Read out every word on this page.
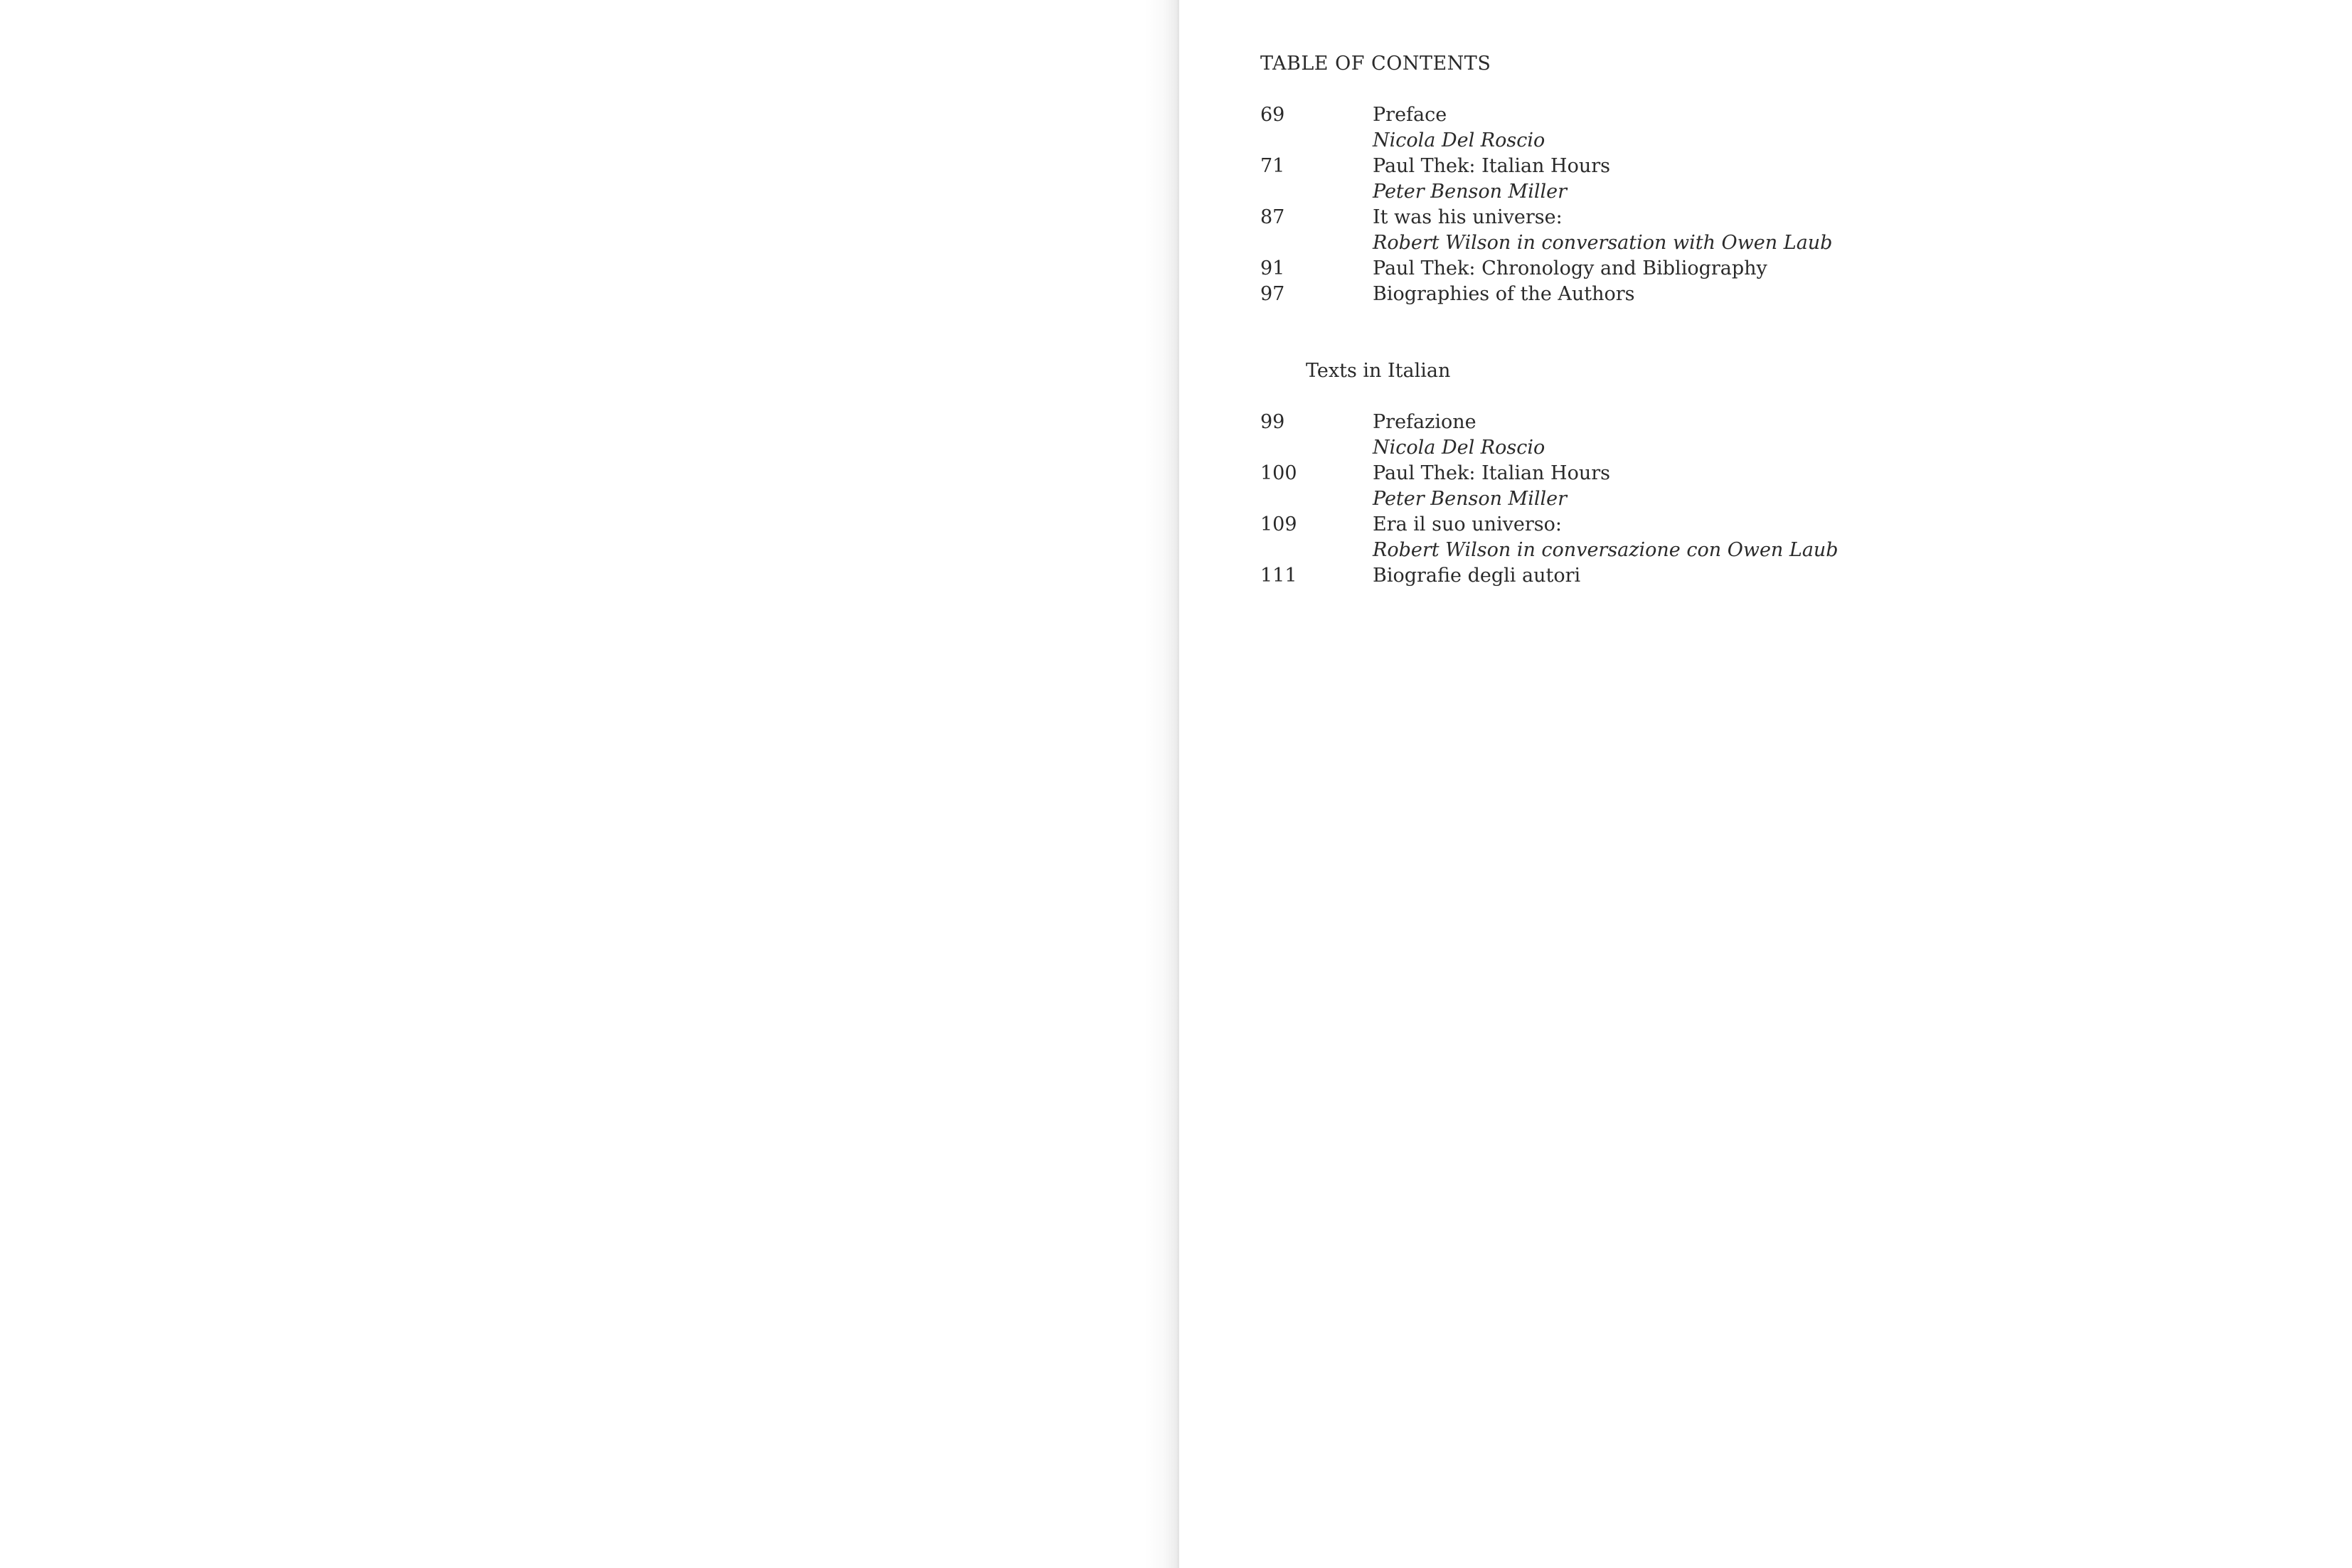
TABLE OF CONTENTS
69	Preface
Nicola Del Roscio
71	Paul Thek: Italian Hours
Peter Benson Miller
87	It was his universe:
Robert Wilson in conversation with Owen Laub
91	Paul Thek: Chronology and Bibliography
97	Biographies of the Authors
Texts in Italian
99	Prefazione
Nicola Del Roscio
100	Paul Thek: Italian Hours
Peter Benson Miller
109	Era il suo universo:
Robert Wilson in conversazione con Owen Laub
111	Biografie degli autori
